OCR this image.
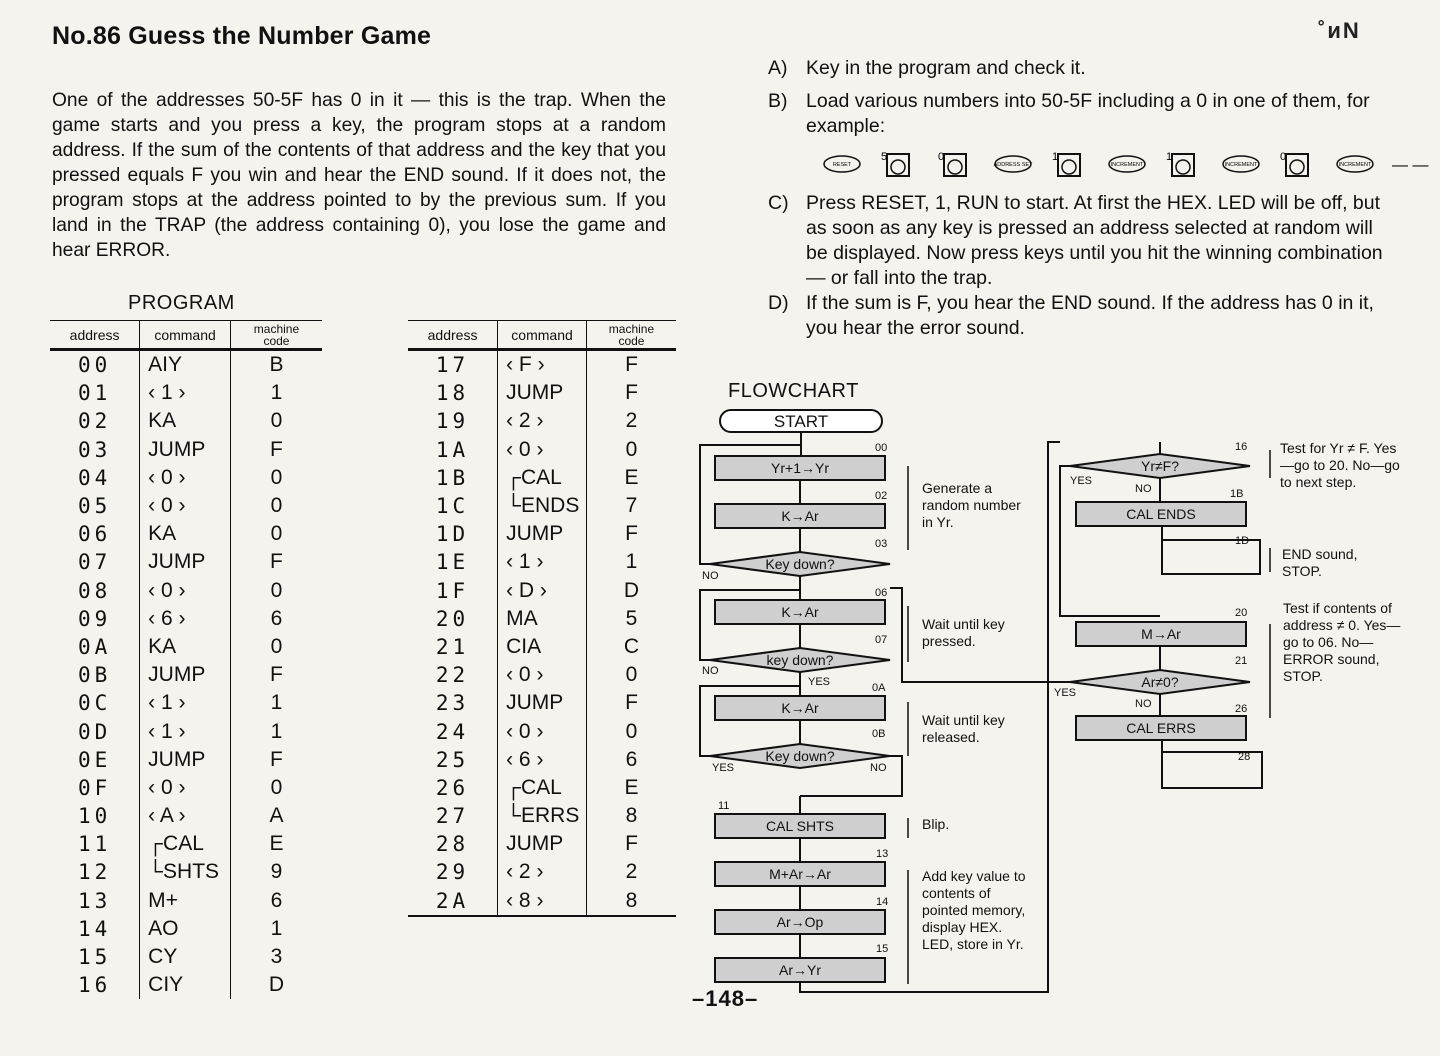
No.86 Guess the Number Game	˚ᴎN
One of the addresses 50-5F has 0 in it — this is the trap. When the game starts and you press a key, the program stops at a random address. If the sum of the contents of that address and the key that you pressed equals F you win and hear the END sound. If it does not, the program stops at the address pointed to by the previous sum. If you land in the TRAP (the address containing 0), you lose the game and hear ERROR.
PROGRAM
address	command	machine
code
00	AIY	B
01	‹ 1 ›	1
02	KA	0
03	JUMP	F
04	‹ 0 ›	0
05	‹ 0 ›	0
06	KA	0
07	JUMP	F
08	‹ 0 ›	0
09	‹ 6 ›	6
0A	KA	0
0B	JUMP	F
0C	‹ 1 ›	1
0D	‹ 1 ›	1
0E	JUMP	F
0F	‹ 0 ›	0
10	‹ A ›	A
11	┌CAL	E
12	└SHTS	9
13	M+	6
14	AO	1
15	CY	3
16	CIY	D
address	command	machine
code
17	‹ F ›	F
18	JUMP	F
19	‹ 2 ›	2
1A	‹ 0 ›	0
1B	┌CAL	E
1C	└ENDS	7
1D	JUMP	F
1E	‹ 1 ›	1
1F	‹ D ›	D
20	MA	5
21	CIA	C
22	‹ 0 ›	0
23	JUMP	F
24	‹ 0 ›	0
25	‹ 6 ›	6
26	┌CAL	E
27	└ERRS	8
28	JUMP	F
29	‹ 2 ›	2
2A	‹ 8 ›	8
A) Key in the program and check it.
B) Load various numbers into 50-5F including a 0 in one of them, for example:
C) Press RESET, 1, RUN to start. At first the HEX. LED will be off, but as soon as any key is pressed an address selected at random will be displayed. Now press keys until you hit the winning combination — or fall into the trap.
D) If the sum is F, you hear the END sound. If the address has 0 in it, you hear the error sound.
RESET
5	0
ADDRESS SET
1
INCREMENT
1
INCREMENT
0
INCREMENT — —
FLOWCHART
START
Yr+1→Yr
00
K→Ar
02
Key down?
03
NO
K→Ar
06
key down?
07
NO
YES
K→Ar
0A
Key down?
0B
YES	NO
CAL SHTS
11
M+Ar→Ar
13
Ar→Op
14
Ar→Yr
15
Yr≠F?
16
YES
NO
CAL ENDS
1B
1D
M→Ar
20
Ar≠0?
21
YES
NO
CAL ERRS
26
28
Generate a random number in Yr.
Wait until key pressed.
Wait until key released.
Blip.
Add key value to contents of pointed memory, display HEX. LED, store in Yr.
Test for Yr ≠ F. Yes—go to 20. No—go to next step.
END sound, STOP.
Test if contents of address ≠ 0. Yes—go to 06. No—ERROR sound, STOP.
–148–
